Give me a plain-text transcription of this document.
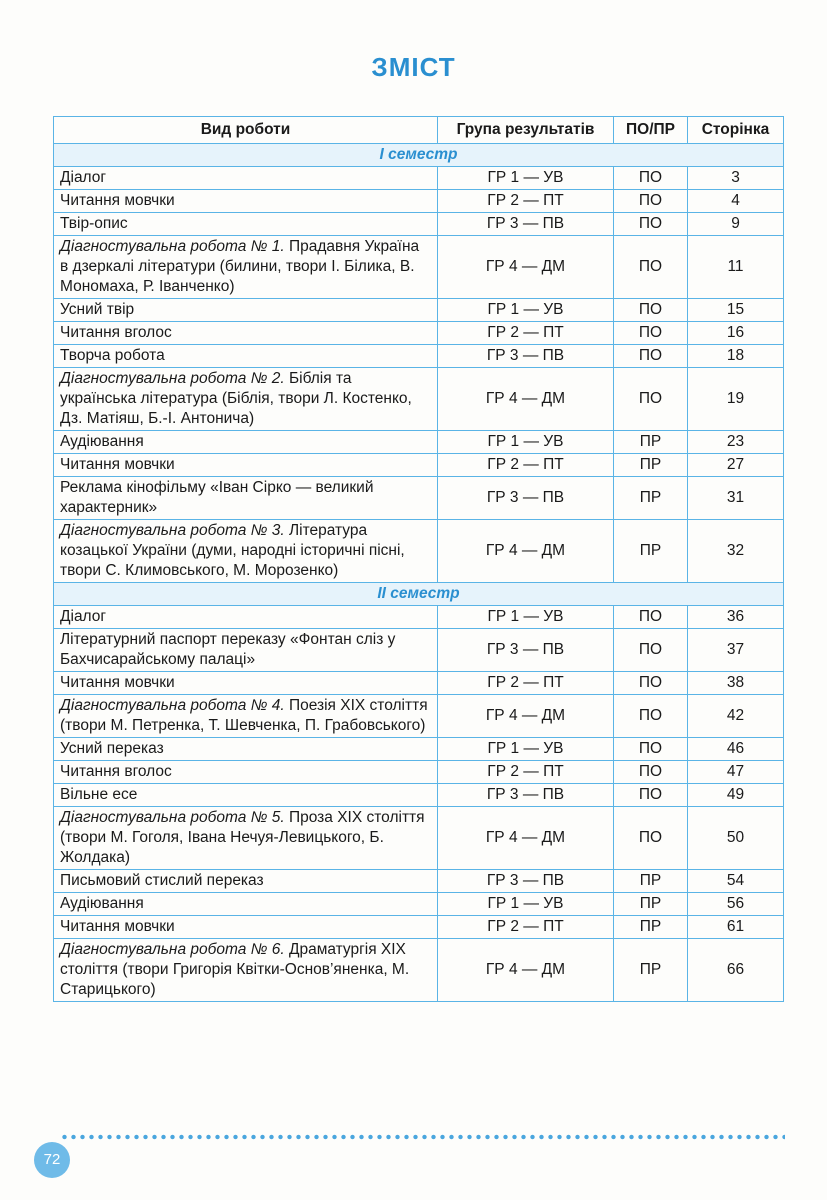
ЗМІСТ
Вид роботи	Група результатів	ПО/ПР	Сторінка
І семестр			
Діалог	ГР 1 — УВ	ПО	3
Читання мовчки	ГР 2 — ПТ	ПО	4
Твір-опис	ГР 3 — ПВ	ПО	9
Діагностувальна робота № 1. Прадавня Україна в дзеркалі літератури (билини, твори І. Білика, В. Мономаха, Р. Іванченко)	ГР 4 — ДМ	ПО	11
Усний твір	ГР 1 — УВ	ПО	15
Читання вголос	ГР 2 — ПТ	ПО	16
Творча робота	ГР 3 — ПВ	ПО	18
Діагностувальна робота № 2. Біблія та українська література (Біблія, твори Л. Костенко, Дз. Матіяш, Б.-І. Антонича)	ГР 4 — ДМ	ПО	19
Аудіювання	ГР 1 — УВ	ПР	23
Читання мовчки	ГР 2 — ПТ	ПР	27
Реклама кінофільму «Іван Сірко — великий характерник»	ГР 3 — ПВ	ПР	31
Діагностувальна робота № 3. Література козацької України (думи, народні історичні пісні, твори С. Климовського, М. Морозенко)	ГР 4 — ДМ	ПР	32
ІІ семестр			
Діалог	ГР 1 — УВ	ПО	36
Літературний паспорт переказу «Фонтан сліз у Бахчисарайському палаці»	ГР 3 — ПВ	ПО	37
Читання мовчки	ГР 2 — ПТ	ПО	38
Діагностувальна робота № 4. Поезія ХІХ століття (твори М. Петренка, Т. Шевченка, П. Грабовського)	ГР 4 — ДМ	ПО	42
Усний переказ	ГР 1 — УВ	ПО	46
Читання вголос	ГР 2 — ПТ	ПО	47
Вільне есе	ГР 3 — ПВ	ПО	49
Діагностувальна робота № 5. Проза ХІХ століття (твори М. Гоголя, Івана Нечуя-Левицького, Б. Жолдака)	ГР 4 — ДМ	ПО	50
Письмовий стислий переказ	ГР 3 — ПВ	ПР	54
Аудіювання	ГР 1 — УВ	ПР	56
Читання мовчки	ГР 2 — ПТ	ПР	61
Діагностувальна робота № 6. Драматургія ХІХ століття (твори Григорія Квітки-Основ’яненка, М. Старицького)	ГР 4 — ДМ	ПР	66
72
